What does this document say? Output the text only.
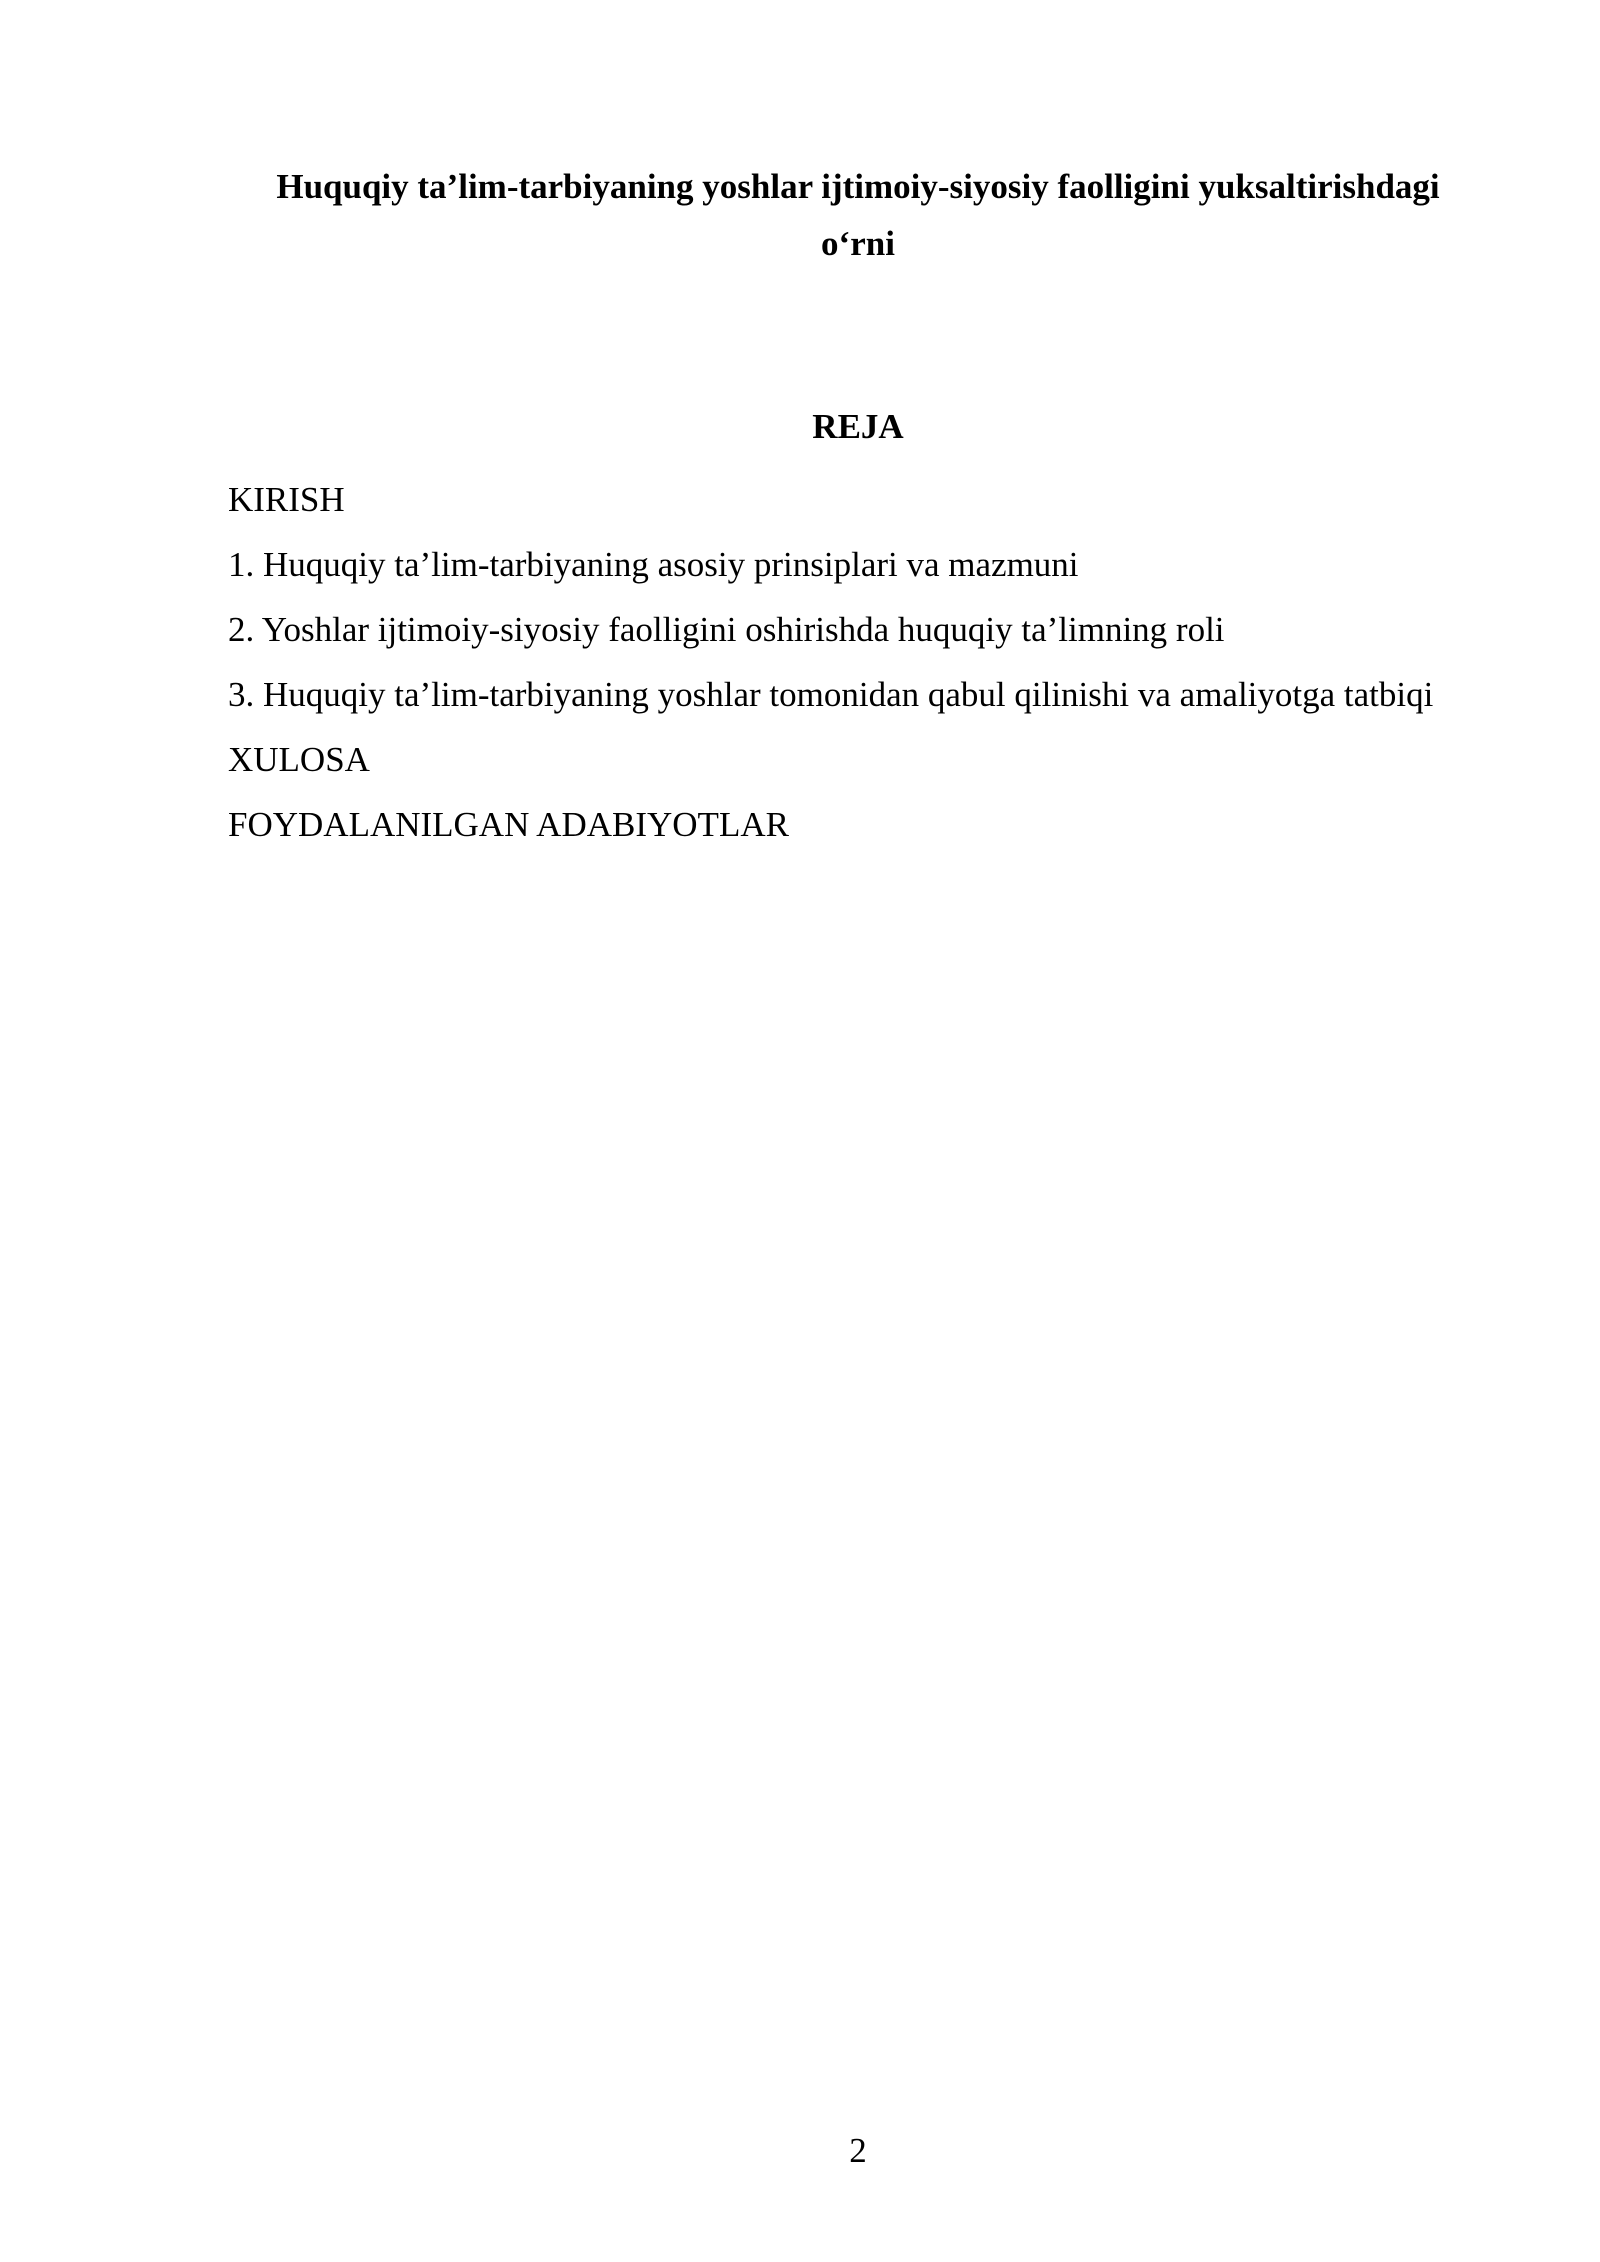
Huquqiy ta’lim-tarbiyaning yoshlar ijtimoiy-siyosiy faolligini yuksaltirishdagi
o‘rni
REJA
KIRISH
1. Huquqiy ta’lim-tarbiyaning asosiy prinsiplari va mazmuni
2. Yoshlar ijtimoiy-siyosiy faolligini oshirishda huquqiy ta’limning roli
3. Huquqiy ta’lim-tarbiyaning yoshlar tomonidan qabul qilinishi va amaliyotga tatbiqi
XULOSA
FOYDALANILGAN ADABIYOTLAR
2
